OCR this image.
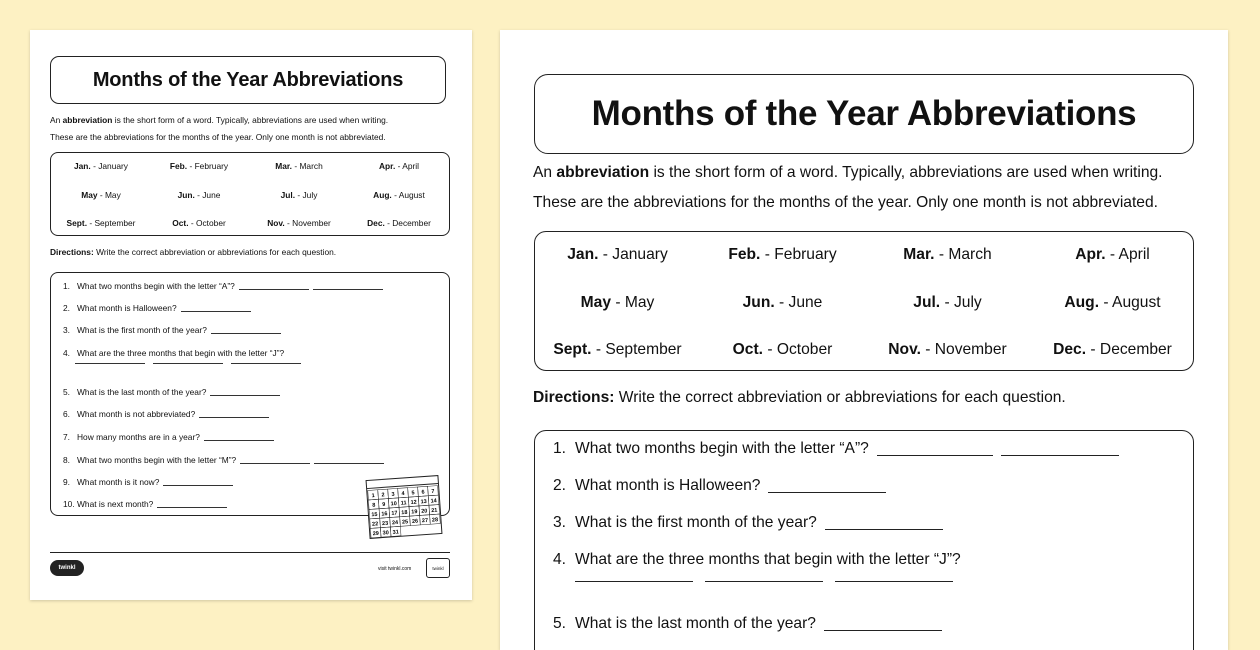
Months of the Year Abbreviations
An abbreviation is the short form of a word. Typically, abbreviations are used when writing.
These are the abbreviations for the months of the year. Only one month is not abbreviated.
Jan. - January	Feb. - February	Mar. - March	Apr. - April
May - May	Jun. - June	Jul. - July	Aug. - August
Sept. - September	Oct. - October	Nov. - November	Dec. - December
Directions: Write the correct abbreviation or abbreviations for each question.
1. What two months begin with the letter “A”?
2. What month is Halloween?
3. What is the first month of the year?
4. What are the three months that begin with the letter “J”?
5. What is the last month of the year?
6. What month is not abbreviated?
7. How many months are in a year?
8. What two months begin with the letter “M”?
9. What month is it now?
10. What is next month?
1 2 3 4 5 6 7
8 9 10 11 12 13 14
15 16 17 18 19 20 21
22 23 24 25 26 27 28
29 30 31
twinkl	visit twinkl.com	twinkl
Months of the Year Abbreviations
An abbreviation is the short form of a word. Typically, abbreviations are used when writing.
These are the abbreviations for the months of the year. Only one month is not abbreviated.
Jan. - January	Feb. - February	Mar. - March	Apr. - April
May - May	Jun. - June	Jul. - July	Aug. - August
Sept. - September	Oct. - October	Nov. - November	Dec. - December
Directions: Write the correct abbreviation or abbreviations for each question.
1. What two months begin with the letter “A”?
2. What month is Halloween?
3. What is the first month of the year?
4. What are the three months that begin with the letter “J”?
5. What is the last month of the year?
